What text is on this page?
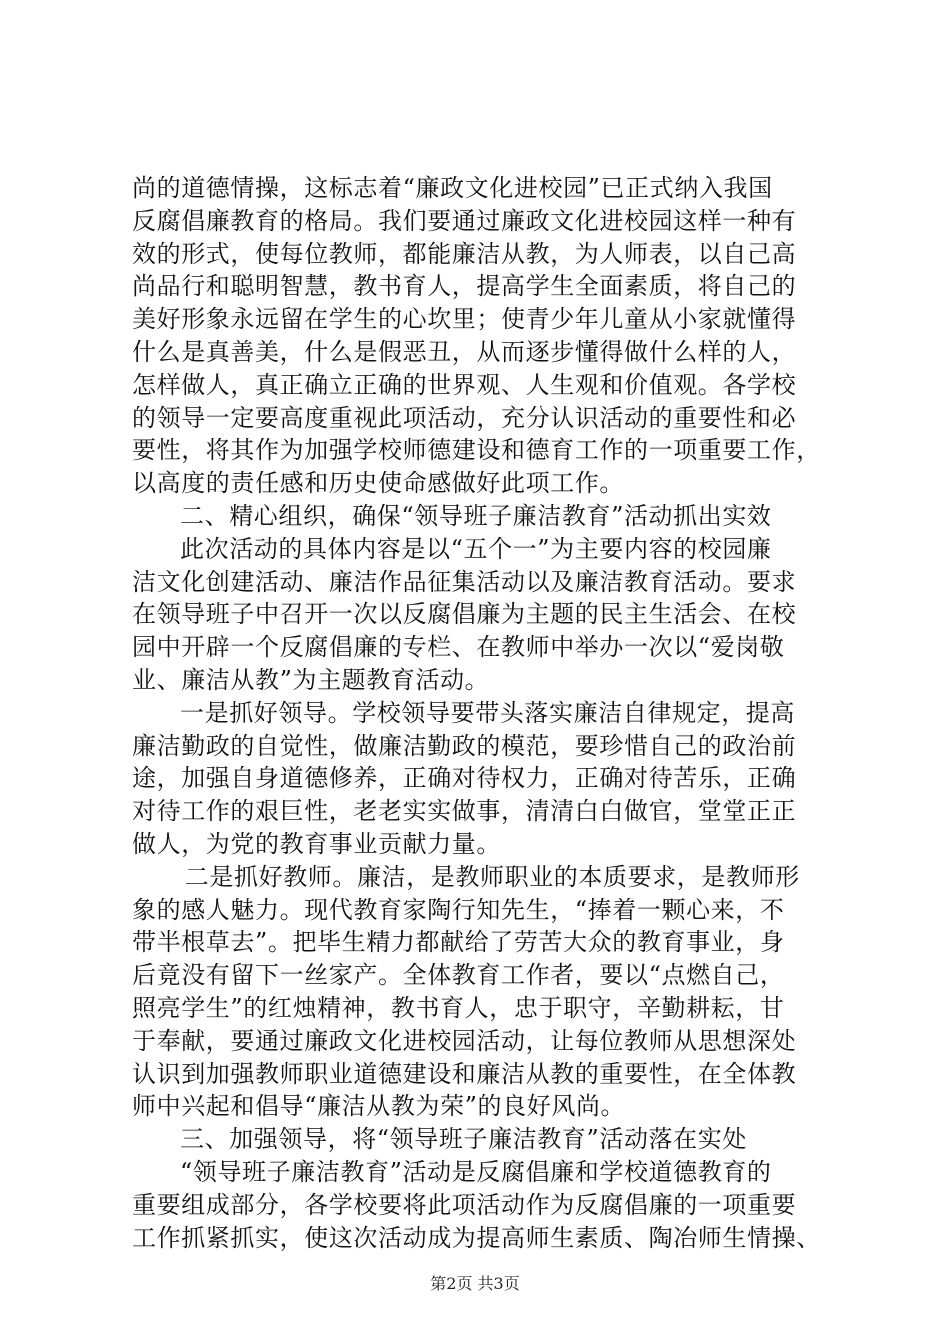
尚的道德情操，这标志着“廉政文化进校园”已正式纳入我国
反腐倡廉教育的格局。我们要通过廉政文化进校园这样一种有
效的形式，使每位教师，都能廉洁从教，为人师表，以自己高
尚品行和聪明智慧，教书育人，提高学生全面素质，将自己的
美好形象永远留在学生的心坎里；使青少年儿童从小家就懂得
什么是真善美，什么是假恶丑，从而逐步懂得做什么样的人，
怎样做人，真正确立正确的世界观、人生观和价值观。各学校
的领导一定要高度重视此项活动，充分认识活动的重要性和必
要性，将其作为加强学校师德建设和德育工作的一项重要工作，
以高度的责任感和历史使命感做好此项工作。
二、精心组织，确保“领导班子廉洁教育”活动抓出实效
此次活动的具体内容是以“五个一”为主要内容的校园廉
洁文化创建活动、廉洁作品征集活动以及廉洁教育活动。要求
在领导班子中召开一次以反腐倡廉为主题的民主生活会、在校
园中开辟一个反腐倡廉的专栏、在教师中举办一次以“爱岗敬
业、廉洁从教”为主题教育活动。
一是抓好领导。学校领导要带头落实廉洁自律规定，提高
廉洁勤政的自觉性，做廉洁勤政的模范，要珍惜自己的政治前
途，加强自身道德修养，正确对待权力，正确对待苦乐，正确
对待工作的艰巨性，老老实实做事，清清白白做官，堂堂正正
做人，为党的教育事业贡献力量。
二是抓好教师。廉洁，是教师职业的本质要求，是教师形
象的感人魅力。现代教育家陶行知先生，“捧着一颗心来，不
带半根草去”。把毕生精力都献给了劳苦大众的教育事业，身
后竟没有留下一丝家产。全体教育工作者，要以“点燃自己，
照亮学生”的红烛精神，教书育人，忠于职守，辛勤耕耘，甘
于奉献，要通过廉政文化进校园活动，让每位教师从思想深处
认识到加强教师职业道德建设和廉洁从教的重要性，在全体教
师中兴起和倡导“廉洁从教为荣”的良好风尚。
三、加强领导，将“领导班子廉洁教育”活动落在实处
“领导班子廉洁教育”活动是反腐倡廉和学校道德教育的
重要组成部分，各学校要将此项活动作为反腐倡廉的一项重要
工作抓紧抓实，使这次活动成为提高师生素质、陶冶师生情操、
第2页 共3页
